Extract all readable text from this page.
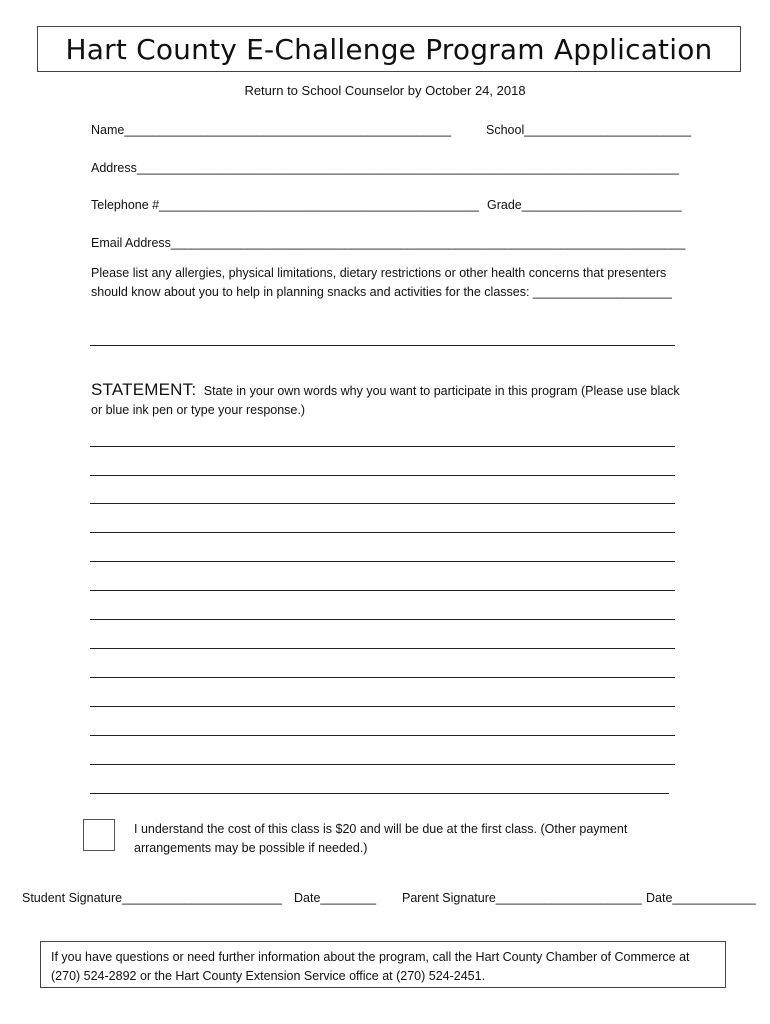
Hart County E-Challenge Program Application
Return to School Counselor by October 24, 2018
Name_______________________________________________	School________________________
Address______________________________________________________________________________
Telephone #______________________________________________ Grade_______________________
Email Address__________________________________________________________________________
Please list any allergies, physical limitations, dietary restrictions or other health concerns that presenters
should know about you to help in planning snacks and activities for the classes: ____________________
STATEMENT: State in your own words why you want to participate in this program (Please use black
or blue ink pen or type your response.)
I understand the cost of this class is $20 and will be due at the first class. (Other payment
arrangements may be possible if needed.)
Student Signature_______________________ Date________ Parent Signature_____________________ Date____________
If you have questions or need further information about the program, call the Hart County Chamber of Commerce at
(270) 524-2892 or the Hart County Extension Service office at (270) 524-2451.
